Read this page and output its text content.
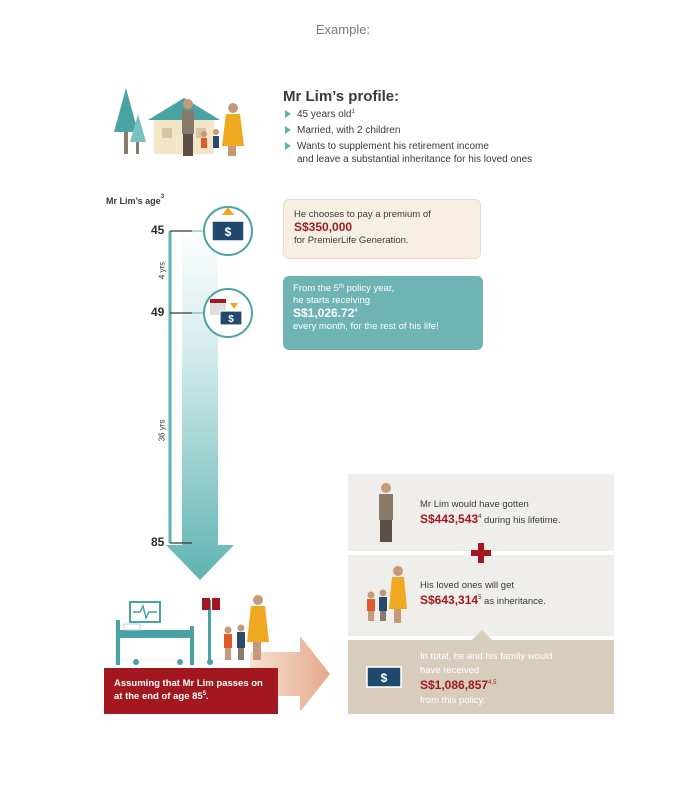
Example:
Mr Lim’s profile:
45 years old$^1$
Married, with 2 children
Wants to supplement his retirement income
and leave a substantial inheritance for his loved ones
Mr Lim’s age$^3$
$
$
45
49
85
4 yrs
36 yrs
He chooses to pay a premium of
S$350,000
for PremierLife Generation.
From the 5th policy year,
he starts receiving
S$1,026.72$^4$
every month, for the rest of his life!
Mr Lim would have gotten
S$443,543$^4$ during his lifetime.
His loved ones will get
S$643,314$^5$ as inheritance.
$
In total, he and his family would
have received
S$1,086,857$^{4,5}$
from this policy.
Assuming that Mr Lim passes on
at the end of age $85^5$.
